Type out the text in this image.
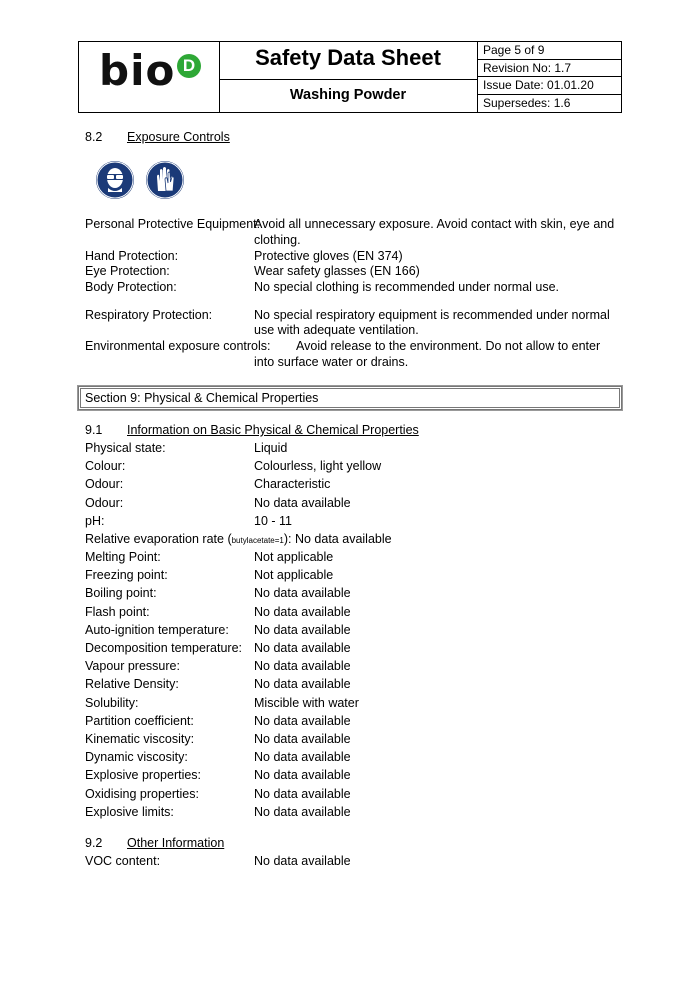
bio D	Safety Data Sheet
Washing Powder
Page 5 of 9
Revision No: 1.7
Issue Date: 01.01.20
Supersedes: 1.6
8.2 Exposure Controls
Personal Protective Equipment:
Avoid all unnecessary exposure. Avoid contact with skin, eye and
clothing.
Hand Protection:	Protective gloves (EN 374)
Eye Protection:	Wear safety glasses (EN 166)
Body Protection:	No special clothing is recommended under normal use.
Respiratory Protection:	No special respiratory equipment is recommended under normal
use with adequate ventilation.
Environmental exposure controls: Avoid release to the environment. Do not allow to enter
into surface water or drains.
Section 9: Physical & Chemical Properties
9.1 Information on Basic Physical & Chemical Properties
Physical state:	Liquid
Colour:	Colourless, light yellow
Odour:	Characteristic
Odour:	No data available
pH:	10 - 11
Relative evaporation rate (butylacetate=1): No data available
Melting Point:	Not applicable
Freezing point:	Not applicable
Boiling point:	No data available
Flash point:	No data available
Auto-ignition temperature: No data available
Decomposition temperature: No data available
Vapour pressure:	No data available
Relative Density:	No data available
Solubility:	Miscible with water
Partition coefficient:	No data available
Kinematic viscosity:	No data available
Dynamic viscosity:	No data available
Explosive properties:	No data available
Oxidising properties:	No data available
Explosive limits:	No data available
9.2 Other Information
VOC content:	No data available
